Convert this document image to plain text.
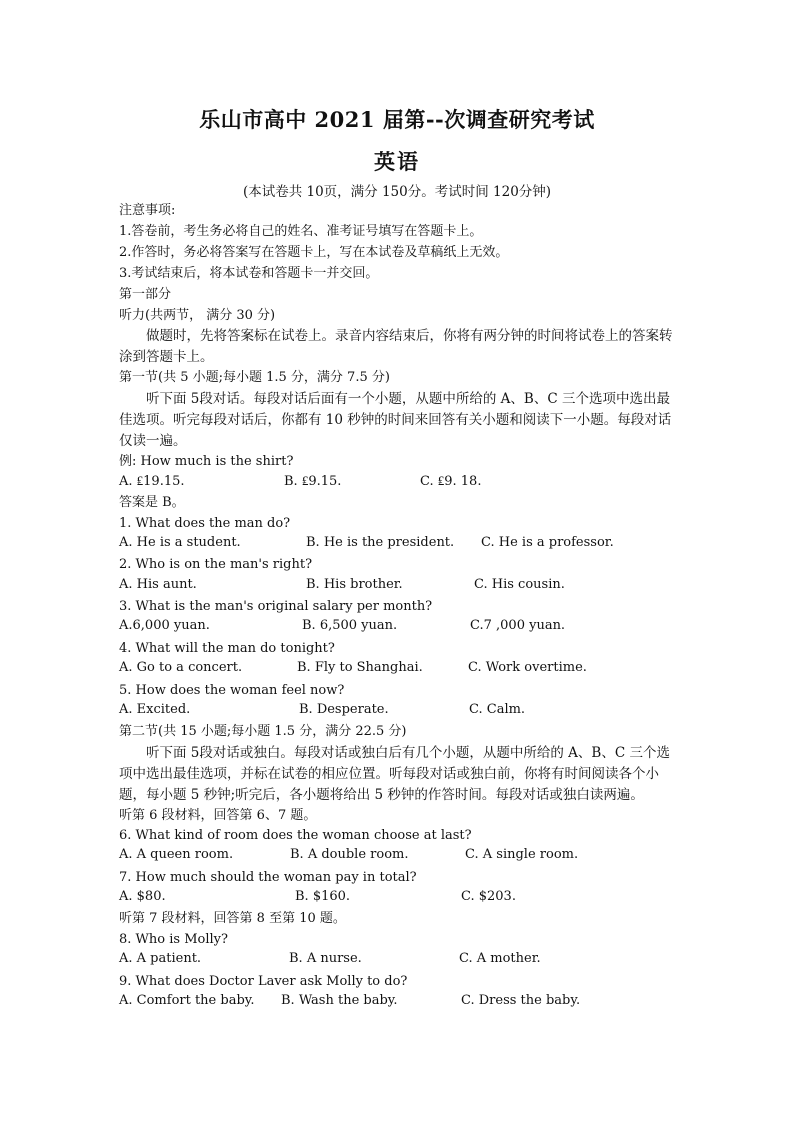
乐山市高中 2021 届第--次调查研究考试
英语
(本试卷共 10页，满分 150分。考试时间 120分钟)
注意事项:
1.答卷前，考生务必将自己的姓名、准考证号填写在答题卡上。
2.作答时，务必将答案写在答题卡上，写在本试卷及草稿纸上无效。
3.考试结束后，将本试卷和答题卡一并交回。
第一部分
听力(共两节， 满分 30 分)
做题时，先将答案标在试卷上。录音内容结束后，你将有两分钟的时间将试卷上的答案转涂到答题卡上。
第一节(共 5 小题;每小题 1.5 分，满分 7.5 分)
听下面 5段对话。每段对话后面有一个小题，从题中所给的 A、B、C 三个选项中选出最佳选项。听完每段对话后，你都有 10 秒钟的时间来回答有关小题和阅读下一小题。每段对话仅读一遍。
例: How much is the shirt?
A. ₤19.15.	B. ₤9.15.	C. ₤9. 18.
答案是 B。
1. What does the man do?
A. He is a student.	B. He is the president. C. He is a professor.
2. Who is on the man's right?
A. His aunt.	B. His brother.	C. His cousin.
3. What is the man's original salary per month?
A.6,000 yuan.	B. 6,500 yuan.	C.7 ,000 yuan.
4. What will the man do tonight?
A. Go to a concert.	B. Fly to Shanghai.	C. Work overtime.
5. How does the woman feel now?
A. Excited.	B. Desperate.	C. Calm.
第二节(共 15 小题;每小题 1.5 分，满分 22.5 分)
听下面 5段对话或独白。每段对话或独白后有几个小题，从题中所给的 A、B、C 三个选项中选出最佳选项，并标在试卷的相应位置。听每段对话或独白前，你将有时间阅读各个小题，每小题 5 秒钟;听完后，各小题将给出 5 秒钟的作答时间。每段对话或独白读两遍。
听第 6 段材料，回答第 6、7 题。
6. What kind of room does the woman choose at last?
A. A queen room.	B. A double room.	C. A single room.
7. How much should the woman pay in total?
A. $80.	B. $160.	C. $203.
听第 7 段材料，回答第 8 至第 10 题。
8. Who is Molly?
A. A patient.	B. A nurse.	C. A mother.
9. What does Doctor Laver ask Molly to do?
A. Comfort the baby. B. Wash the baby.	C. Dress the baby.
